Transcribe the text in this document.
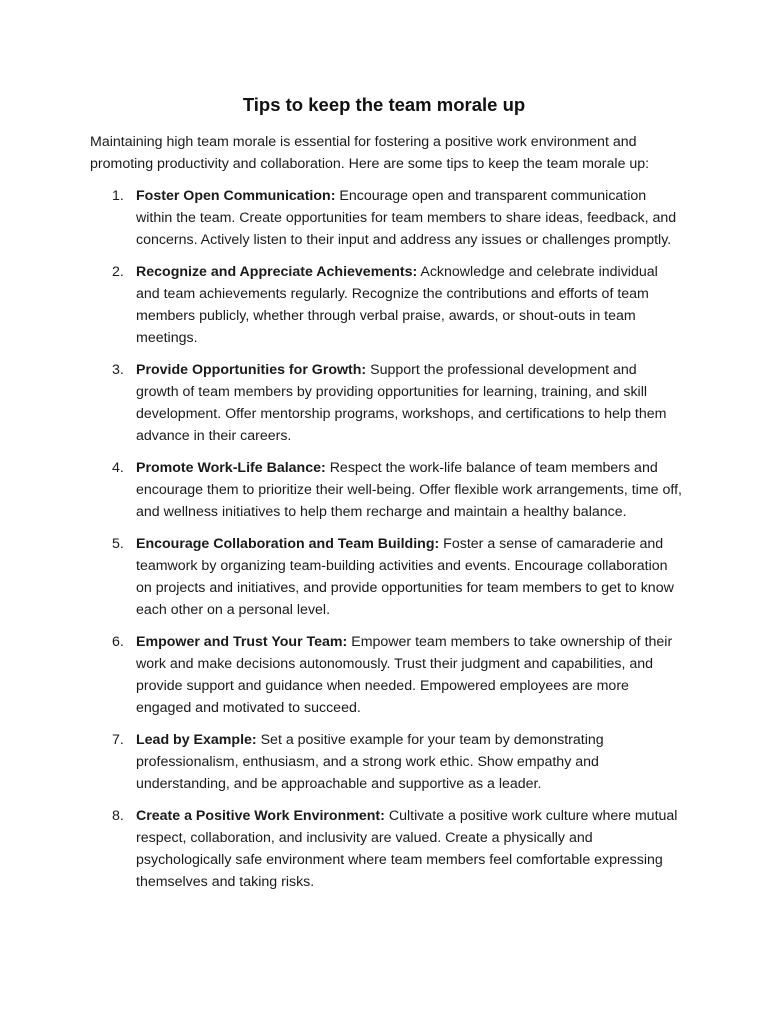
Tips to keep the team morale up

Maintaining high team morale is essential for fostering a positive work environment and promoting productivity and collaboration. Here are some tips to keep the team morale up:

1. Foster Open Communication: Encourage open and transparent communication within the team. Create opportunities for team members to share ideas, feedback, and concerns. Actively listen to their input and address any issues or challenges promptly.
2. Recognize and Appreciate Achievements: Acknowledge and celebrate individual and team achievements regularly. Recognize the contributions and efforts of team members publicly, whether through verbal praise, awards, or shout-outs in team meetings.
3. Provide Opportunities for Growth: Support the professional development and growth of team members by providing opportunities for learning, training, and skill development. Offer mentorship programs, workshops, and certifications to help them advance in their careers.
4. Promote Work-Life Balance: Respect the work-life balance of team members and encourage them to prioritize their well-being. Offer flexible work arrangements, time off, and wellness initiatives to help them recharge and maintain a healthy balance.
5. Encourage Collaboration and Team Building: Foster a sense of camaraderie and teamwork by organizing team-building activities and events. Encourage collaboration on projects and initiatives, and provide opportunities for team members to get to know each other on a personal level.
6. Empower and Trust Your Team: Empower team members to take ownership of their work and make decisions autonomously. Trust their judgment and capabilities, and provide support and guidance when needed. Empowered employees are more engaged and motivated to succeed.
7. Lead by Example: Set a positive example for your team by demonstrating professionalism, enthusiasm, and a strong work ethic. Show empathy and understanding, and be approachable and supportive as a leader.
8. Create a Positive Work Environment: Cultivate a positive work culture where mutual respect, collaboration, and inclusivity are valued. Create a physically and psychologically safe environment where team members feel comfortable expressing themselves and taking risks.
